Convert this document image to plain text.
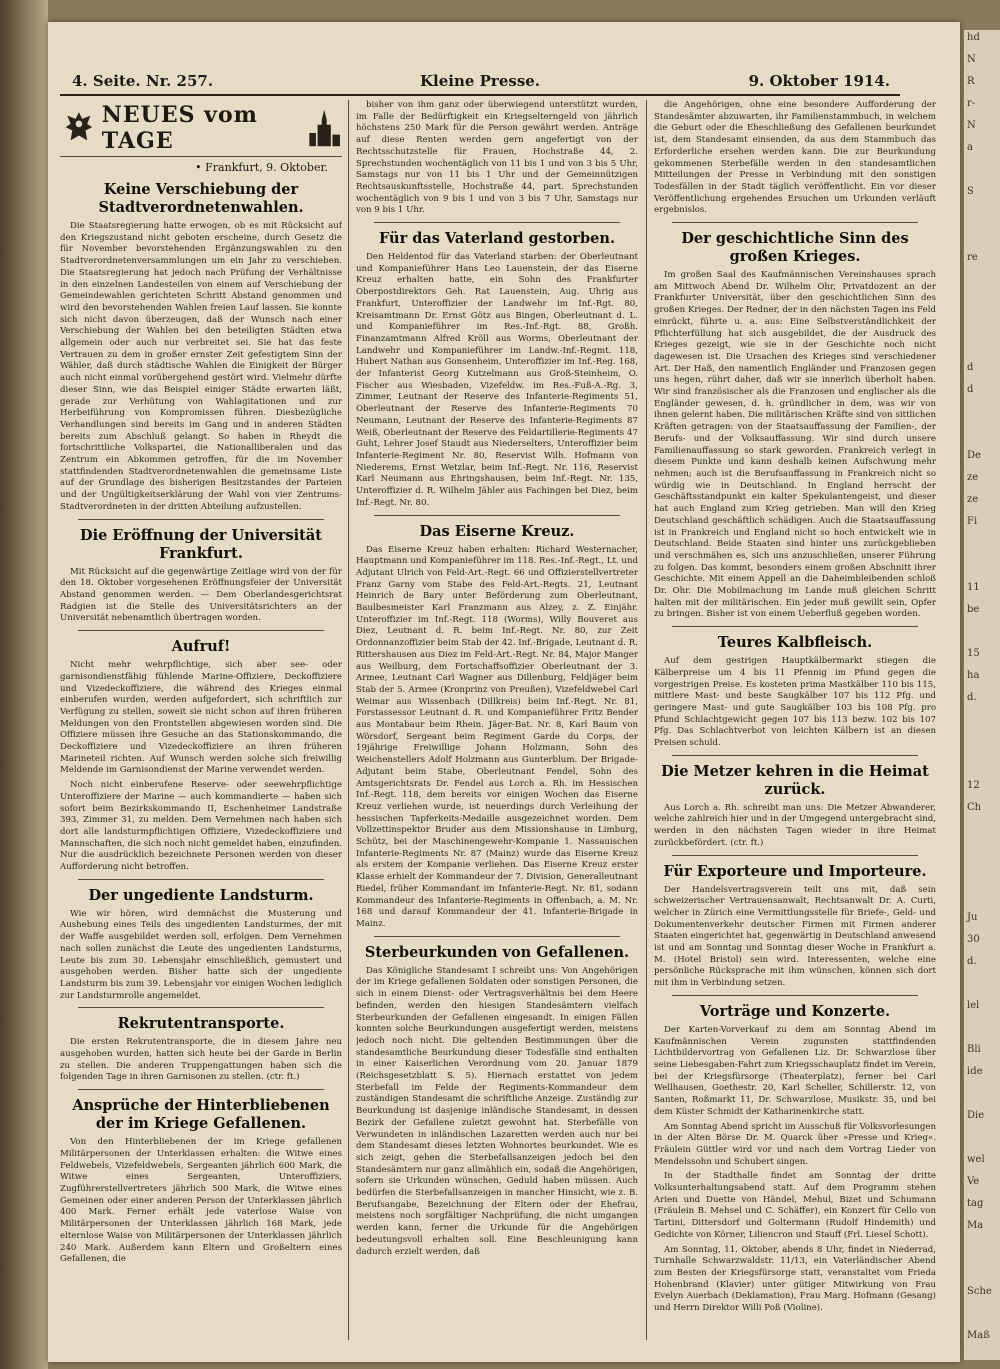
4. Seite. Nr. 257.	Kleine Presse.	9. Oktober 1914.
NEUES vom TAGE
• Frankfurt, 9. Oktober.
Keine Verschiebung der Stadtverordnetenwahlen.

Die Staatsregierung hatte erwogen, ob es mit Rücksicht auf den Kriegszustand nicht geboten erscheine, durch Gesetz die für November bevorstehenden Ergänzungswahlen zu den Stadtverordnetenversammlungen um ein Jahr zu verschieben. Die Staatsregierung hat jedoch nach Prüfung der Verhältnisse in den einzelnen Landesteilen von einem auf Verschiebung der Gemeindewahlen gerichteten Schritt Abstand genommen und wird den bevorstehenden Wahlen freien Lauf lassen. Sie konnte sich nicht davon überzeugen, daß der Wunsch nach einer Verschiebung der Wahlen bei den beteiligten Städten etwa allgemein oder auch nur verbreitet sei. Sie hat das feste Vertrauen zu dem in großer ernster Zeit gefestigtem Sinn der Wähler, daß durch städtische Wahlen die Einigkeit der Bürger auch nicht einmal vorübergehend gestört wird. Vielmehr dürfte dieser Sinn, wie das Beispiel einiger Städte erwarten läßt, gerade zur Verhütung von Wahlagitationen und zur Herbeiführung von Kompromissen führen. Diesbezügliche Verhandlungen sind bereits im Gang und in anderen Städten bereits zum Abschluß gelangt. So haben in Rheydt die fortschrittliche Volkspartei, die Nationalliberalen und das Zentrum ein Abkommen getroffen, für die im November stattfindenden Stadtverordnetenwahlen die gemeinsame Liste auf der Grundlage des bisherigen Besitzstandes der Parteien und der Ungültigkeitserklärung der Wahl von vier Zentrums-Stadtverordneten in der dritten Abteilung aufzustellen.

Die Eröffnung der Universität Frankfurt.

Mit Rücksicht auf die gegenwärtige Zeitlage wird von der für den 18. Oktober vorgesehenen Eröffnungsfeier der Universität Abstand genommen werden. — Dem Oberlandesgerichtsrat Radgien ist die Stelle des Universitätsrichters an der Universität nebenamtlich übertragen worden.

Aufruf!

Nicht mehr wehrpflichtige, sich aber see- oder garnisondienstfähig fühlende Marine-Offiziere, Deckoffiziere und Vizedeckoffiziere, die während des Krieges einmal einberufen wurden, werden aufgefordert, sich schriftlich zur Verfügung zu stellen, soweit sie nicht schon auf ihren früheren Meldungen von den Frontstellen abgewiesen worden sind. Die Offiziere müssen ihre Gesuche an das Stationskommando, die Deckoffiziere und Vizedeckoffiziere an ihren früheren Marineteil richten. Auf Wunsch werden solche sich freiwillig Meldende im Garnisondienst der Marine verwendet werden.

Noch nicht einberufene Reserve- oder seewehrpflichtige Unteroffiziere der Marine — auch kommandierte — haben sich sofort beim Bezirkskommando II, Eschenheimer Landstraße 393, Zimmer 31, zu melden. Dem Vernehmen nach haben sich dort alle landsturmpflichtigen Offiziere, Vizedeckoffiziere und Mannschaften, die sich noch nicht gemeldet haben, einzufinden. Nur die ausdrücklich bezeichnete Personen werden von dieser Aufforderung nicht betroffen.

Der ungediente Landsturm.

Wie wir hören, wird demnächst die Musterung und Aushebung eines Teils des ungedienten Landsturmes, der mit der Waffe ausgebildet werden soll, erfolgen. Dem Vernehmen nach sollen zunächst die Leute des ungedienten Landsturms, Leute bis zum 30. Lebensjahr einschließlich, gemustert und ausgehoben werden. Bisher hatte sich der ungediente Landsturm bis zum 39. Lebensjahr vor einigen Wochen lediglich zur Landsturmrolle angemeldet.

Rekrutentransporte.

Die ersten Rekrutentransporte, die in diesem Jahre neu ausgehoben wurden, hatten sich heute bei der Garde in Berlin zu stellen. Die anderen Truppengattungen haben sich die folgenden Tage in ihren Garnisonen zu stellen. (ctr. ft.)

Ansprüche der Hinterbliebenen der im Kriege Gefallenen.

Von den Hinterbliebenen der im Kriege gefallenen Militärpersonen der Unterklassen erhalten: die Witwe eines Feldwebels, Vizefeldwebels, Sergeanten jährlich 600 Mark, die Witwe eines Sergeanten, Unteroffiziers, Zugführerstellvertreters jährlich 500 Mark, die Witwe eines Gemeinen oder einer anderen Person der Unterklassen jährlich 400 Mark. Ferner erhält jede vaterlose Waise von Militärpersonen der Unterklassen jährlich 168 Mark, jede elternlose Waise von Militärpersonen der Unterklassen jährlich 240 Mark. Außerdem kann Eltern und Großeltern eines Gefallenen, die

bisher von ihm ganz oder überwiegend unterstützt wurden, im Falle der Bedürftigkeit ein Kriegselterngeld von jährlich höchstens 250 Mark für die Person gewährt werden. Anträge auf diese Renten werden gern angefertigt von der Rechtsschutzstelle für Frauen, Hochstraße 44, 2. Sprechstunden wochentäglich von 11 bis 1 und von 3 bis 5 Uhr, Samstags nur von 11 bis 1 Uhr und der Gemeinnützigen Rechtsauskunftsstelle, Hochstraße 44, part. Sprechstunden wochentäglich von 9 bis 1 und von 3 bis 7 Uhr, Samstags nur von 9 bis 1 Uhr.

Für das Vaterland gestorben.

Den Heldentod für das Vaterland starben: der Oberleutnant und Kompanieführer Hans Leo Lauenstein, der das Eiserne Kreuz erhalten hatte, ein Sohn des Frankfurter Oberpostdirektors Geh. Rat Lauenstein, Aug. Uhrig aus Frankfurt, Unteroffizier der Landwehr im Inf.-Rgt. 80, Kreisamtmann Dr. Ernst Götz aus Bingen, Oberleutnant d. L. und Kompanieführer im Res.-Inf.-Rgt. 88, Großh. Finanzamtmann Alfred Kröll aus Worms, Oberleutnant der Landwehr und Kompanieführer im Landw.-Inf.-Regmt. 118, Hubert Nathan aus Gonsenheim, Unteroffizier im Inf.-Reg. 168, der Infanterist Georg Kutzelmann aus Groß-Steinheim, O. Fischer aus Wiesbaden, Vizefeldw. im Res.-Fuß-A.-Rg. 3, Zimmer, Leutnant der Reserve des Infanterie-Regiments 51, Oberleutnant der Reserve des Infanterie-Regiments 70 Neumann, Leutnant der Reserve des Infanterie-Regiments 87 Weiß, Oberleutnant der Reserve des Feldartillerie-Regiments 47 Guht, Lehrer Josef Staudt aus Niederselters, Unteroffizier beim Infanterie-Regiment Nr. 80, Reservist Wilh. Hofmann von Niederems, Ernst Wetzlar, beim Inf.-Regt. Nr. 116, Reservist Karl Neumann aus Ehringshausen, beim Inf.-Regt. Nr. 135, Unteroffizier d. R. Wilhelm Jähler aus Fachingen bei Diez, beim Inf.-Regt. Nr. 80.

Das Eiserne Kreuz.

Das Eiserne Kreuz haben erhalten: Richard Westernacher, Hauptmann und Kompanieführer im 118. Res.-Inf.-Regt., Lt. und Adjutant Ulrich von Feld-Art.-Regt. 66 und Offizierstellvertreter Franz Garny vom Stabe des Feld-Art.-Regts. 21, Leutnant Heinrich de Bary unter Beförderung zum Oberleutnant, Baulbesmeister Karl Franzmann aus Alzey, z. Z. Einjähr. Unteroffizier im Inf.-Regt. 118 (Worms), Willy Bouveret aus Diez, Leutnant d. R. beim Inf.-Regt. Nr. 80, zur Zeit Ordonnanzoffizier beim Stab der 42. Inf.-Brigade, Leutnant d. R. Rittershausen aus Diez im Feld-Art.-Regt. Nr. 84, Major Manger aus Weilburg, dem Fortschaffsoffizier Oberleutnant der 3. Armee, Leutnant Carl Wagner aus Dillenburg, Feldjäger beim Stab der 5. Armee (Kronprinz von Preußen), Vizefeldwebel Carl Weimar aus Wissenbach (Dillkreis) beim Inf.-Regt. Nr. 81, Forstassessor Leutnant d. R. und Kompanieführer Fritz Bender aus Montabaur beim Rhein. Jäger-Bat. Nr. 8, Karl Baum von Wörsdorf, Sergeant beim Regiment Garde du Corps, der 19jährige Freiwillige Johann Holzmann, Sohn des Weichenstellers Adolf Holzmann aus Gunterblum. Der Brigade-Adjutant beim Stabe, Oberleutnant Fendel, Sohn des Amtsgerichtsrats Dr. Fendel aus Lorch a. Rh. im Hessischen Inf.-Regt. 118, dem bereits vor einigen Wochen das Eiserne Kreuz verliehen wurde, ist neuerdings durch Verleihung der hessischen Tapferkeits-Medaille ausgezeichnet worden. Dem Vollzettinspektor Bruder aus dem Missionshause in Limburg, Schütz, bei der Maschinengewehr-Kompanie 1. Nassauischen Infanterie-Regiments Nr. 87 (Mainz) wurde das Eiserne Kreuz als erstem der Kompanie verliehen. Das Eiserne Kreuz erster Klasse erhielt der Kommandeur der 7. Division, Generalleutnant Riedel, früher Kommandant im Infanterie-Regt. Nr. 81, sodann Kommandeur des Infanterie-Regiments in Offenbach, a. M. Nr. 168 und darauf Kommandeur der 41. Infanterie-Brigade in Mainz.

Sterbeurkunden von Gefallenen.

Das Königliche Standesamt I schreibt uns: Von Angehörigen der im Kriege gefallenen Soldaten oder sonstigen Personen, die sich in einem Dienst- oder Vertragsverhältnis bei dem Heere befinden, werden den hiesigen Standesämtern vielfach Sterbeurkunden der Gefallenen eingesandt. In einigen Fällen konnten solche Beurkundungen ausgefertigt werden, meistens jedoch noch nicht. Die geltenden Bestimmungen über die standesamtliche Beurkundung dieser Todesfälle sind enthalten in einer Kaiserlichen Verordnung vom 20. Januar 1879 (Reichsgesetzblatt S. 5). Hiernach erstattet von jedem Sterbefall im Felde der Regiments-Kommandeur dem zuständigen Standesamt die schriftliche Anzeige. Zuständig zur Beurkundung ist dasjenige inländische Standesamt, in dessen Bezirk der Gefallene zuletzt gewohnt hat. Sterbefälle von Verwundeten in inländischen Lazaretten werden auch nur bei dem Standesamt dieses letzten Wohnortes beurkundet. Wie es sich zeigt, gehen die Sterbefallsanzeigen jedoch bei den Standesämtern nur ganz allmählich ein, sodaß die Angehörigen, sofern sie Urkunden wünschen, Geduld haben müssen. Auch bedürfen die Sterbefallsanzeigen in mancher Hinsicht, wie z. B. Berufsangabe, Bezeichnung der Eltern oder der Ehefrau, meistens noch sorgfältiger Nachprüfung, die nicht umgangen werden kann, ferner die Urkunde für die Angehörigen bedeutungsvoll erhalten soll. Eine Beschleunigung kann dadurch erzielt werden, daß

die Angehörigen, ohne eine besondere Aufforderung der Standesämter abzuwarten, ihr Familienstammbuch, in welchem die Geburt oder die Eheschließung des Gefallenen beurkundet ist, dem Standesamt einsenden, da aus dem Stammbuch das Erforderliche ersehen werden kann. Die zur Beurkundung gekommenen Sterbefälle werden in den standesamtlichen Mitteilungen der Presse in Verbindung mit den sonstigen Todesfällen in der Stadt täglich veröffentlicht. Ein vor dieser Veröffentlichung ergehendes Ersuchen um Urkunden verläuft ergebnislos.

Der geschichtliche Sinn des großen Krieges.

Im großen Saal des Kaufmännischen Vereinshauses sprach am Mittwoch Abend Dr. Wilhelm Ohr, Privatdozent an der Frankfurter Universität, über den geschichtlichen Sinn des großen Krieges. Der Redner, der in den nächsten Tagen ins Feld einrückt, führte u. a. aus: Eine Selbstverständlichkeit der Pflichterfüllung hat sich ausgebildet, die der Ausdruck des Krieges gezeigt, wie sie in der Geschichte noch nicht dagewesen ist. Die Ursachen des Krieges sind verschiedener Art. Der Haß, den namentlich Engländer und Franzosen gegen uns hegen, rührt daher, daß wir sie innerlich überholt haben. Wir sind französischer als die Franzosen und englischer als die Engländer gewesen, d. h. gründlicher in dem, was wir von ihnen gelernt haben. Die militärischen Kräfte sind von sittlichen Kräften getragen: von der Staatsauffassung der Familien-, der Berufs- und der Volksauffassung. Wir sind durch unsere Familienauffassung so stark geworden. Frankreich verlegt in diesem Punkte und kann deshalb keinen Aufschwung mehr nehmen; auch ist die Berufsauffassung in Frankreich nicht so würdig wie in Deutschland. In England herrscht der Geschäftsstandpunkt ein kalter Spekulantengeist, und dieser hat auch England zum Krieg getrieben. Man will den Krieg Deutschland geschäftlich schädigen. Auch die Staatsauffassung ist in Frankreich und England nicht so hoch entwickelt wie in Deutschland. Beide Staaten sind hinter uns zurückgeblieben und verschmähen es, sich uns anzuschließen, unserer Führung zu folgen. Das kommt, besonders einem großen Abschnitt ihrer Geschichte. Mit einem Appell an die Daheimbleibenden schloß Dr. Ohr. Die Mobilmachung im Lande muß gleichen Schritt halten mit der militärischen. Ein jeder muß gewillt sein, Opfer zu bringen. Bisher ist von einem Ueberfluß gegeben worden.

Teures Kalbfleisch.

Auf dem gestrigen Hauptkälbermarkt stiegen die Kälberpreise um 4 bis 11 Pfennig im Pfund gegen die vorgestrigen Preise. Es kosteten prima Mastkälber 110 bis 115, mittlere Mast- und beste Saugkälber 107 bis 112 Pfg. und geringere Mast- und gute Saugkälber 103 bis 108 Pfg. pro Pfund Schlachtgewicht gegen 107 bis 113 bezw. 102 bis 107 Pfg. Das Schlachtverbot von leichten Kälbern ist an diesen Preisen schuld.

Die Metzer kehren in die Heimat zurück.

Aus Lorch a. Rh. schreibt man uns: Die Metzer Abwanderer, welche zahlreich hier und in der Umgegend untergebracht sind, werden in den nächsten Tagen wieder in ihre Heimat zurückbefördert. (ctr. ft.)

Für Exporteure und Importeure.

Der Handelsvertragsverein teilt uns mit, daß sein schweizerischer Vertrauensanwalt, Rechtsanwalt Dr. A. Curti, welcher in Zürich eine Vermittlungsstelle für Briefe-, Geld- und Dokumentenverkehr deutscher Firmen mit Firmen anderer Staaten eingerichtet hat, gegenwärtig in Deutschland anwesend ist und am Sonntag und Sonntag dieser Woche in Frankfurt a. M. (Hotel Bristol) sein wird. Interessenten, welche eine persönliche Rücksprache mit ihm wünschen, können sich dort mit ihm in Verbindung setzen.

Vorträge und Konzerte.

Der Karten-Vorverkauf zu dem am Sonntag Abend im Kaufmännischen Verein zugunsten stattfindenden Lichtbildervortrag von Gefallenen Liz. Dr. Schwarzlose über seine Liebesgaben-Fahrt zum Kriegsschauplatz findet im Verein, bei der Kriegsfürsorge (Theaterplatz), ferner bei Carl Wellhausen, Goethestr. 20, Karl Scheller, Schillerstr. 12, von Santen, Roßmarkt 11, Dr. Schwarzlose, Musikstr. 35, und bei dem Küster Schmidt der Katharinenkirche statt.

Am Sonntag Abend spricht im Ausschuß für Volksvorlesungen in der Alten Börse Dr. M. Quarck über »Presse und Krieg«. Fräulein Güttler wird vor und nach dem Vortrag Lieder von Mendelssohn und Schubert singen.

In der Stadthalle findet am Sonntag der dritte Volksunterhaltungsabend statt. Auf dem Programm stehen Arien und Duette von Händel, Mehul, Bizet und Schumann (Fräulein B. Mehsel und C. Schäffer), ein Konzert für Cello von Tartini, Dittersdorf und Goltermann (Rudolf Hindemith) und Gedichte von Körner, Liliencron und Stauff (Frl. Liesel Schott).

Am Sonntag, 11. Oktober, abends 8 Uhr, findet in Niederrad, Turnhalle Schwarzwaldstr. 11/13, ein Vaterländischer Abend zum Besten der Kriegsfürsorge statt, veranstaltet vom Frieda Hohenbrand (Klavier) unter gütiger Mitwirkung von Frau Evelyn Auerbach (Deklamation), Frau Marg. Hofmann (Gesang) und Herrn Direktor Willi Poß (Violine).

hd
N
R
r-
N
a
S
re
d
d
De
ze
ze
Fi
11
be
15
ha
d.
12
Ch
Ju
30
d.
lel
Bli
ide
Die
wel
Ve
tag
Ma
Sche
Maß
